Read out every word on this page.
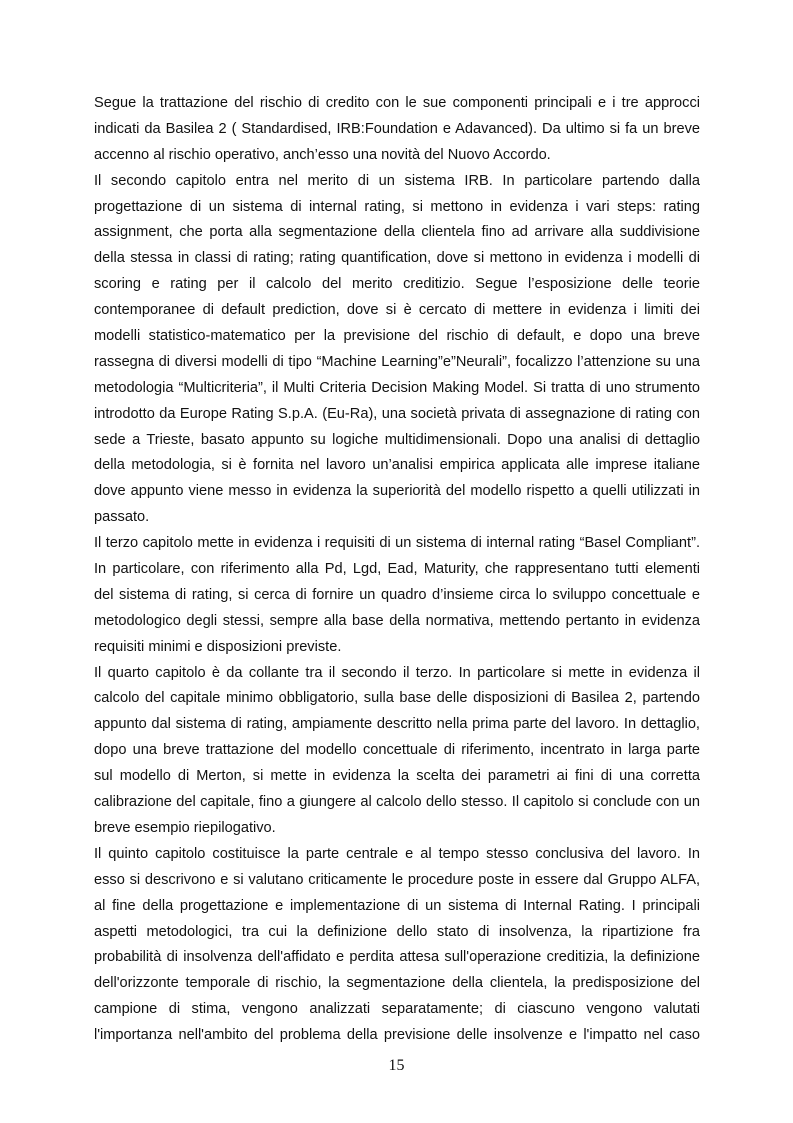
Segue la trattazione del rischio di credito con le sue componenti principali e i tre approcci
indicati da Basilea 2 ( Standardised, IRB:Foundation e Adavanced). Da ultimo si fa un breve
accenno al rischio operativo, anch’esso una novità del Nuovo Accordo.
Il secondo capitolo entra nel merito di un sistema IRB. In particolare partendo dalla
progettazione di un sistema di internal rating, si mettono in evidenza i vari steps: rating
assignment, che porta alla segmentazione della clientela fino ad arrivare alla suddivisione
della stessa in classi di rating; rating quantification, dove si mettono in evidenza i modelli di
scoring e rating per il calcolo del merito creditizio. Segue l’esposizione delle teorie
contemporanee di default prediction, dove si è cercato di mettere in evidenza i limiti dei
modelli statistico-matematico per la previsione del rischio di default, e dopo una breve
rassegna di diversi modelli di tipo “Machine Learning”e”Neurali”, focalizzo l’attenzione su una
metodologia “Multicriteria”, il Multi Criteria Decision Making Model. Si tratta di uno strumento
introdotto da Europe Rating S.p.A. (Eu-Ra), una società privata di assegnazione di rating con
sede a Trieste, basato appunto su logiche multidimensionali. Dopo una analisi di dettaglio
della metodologia, si è fornita nel lavoro un’analisi empirica applicata alle imprese italiane
dove appunto viene messo in evidenza la superiorità del modello rispetto a quelli utilizzati in
passato.
Il terzo capitolo mette in evidenza i requisiti di un sistema di internal rating “Basel Compliant”.
In particolare, con riferimento alla Pd, Lgd, Ead, Maturity, che rappresentano tutti elementi
del sistema di rating, si cerca di fornire un quadro d’insieme circa lo sviluppo concettuale e
metodologico degli stessi, sempre alla base della normativa, mettendo pertanto in evidenza
requisiti minimi e disposizioni previste.
Il quarto capitolo è da collante tra il secondo il terzo. In particolare si mette in evidenza il
calcolo del capitale minimo obbligatorio, sulla base delle disposizioni di Basilea 2, partendo
appunto dal sistema di rating, ampiamente descritto nella prima parte del lavoro. In dettaglio,
dopo una breve trattazione del modello concettuale di riferimento, incentrato in larga parte
sul modello di Merton, si mette in evidenza la scelta dei parametri ai fini di una corretta
calibrazione del capitale, fino a giungere al calcolo dello stesso. Il capitolo si conclude con un
breve esempio riepilogativo.
Il quinto capitolo costituisce la parte centrale e al tempo stesso conclusiva del lavoro. In
esso si descrivono e si valutano criticamente le procedure poste in essere dal Gruppo ALFA,
al fine della progettazione e implementazione di un sistema di Internal Rating. I principali
aspetti metodologici, tra cui la definizione dello stato di insolvenza, la ripartizione fra
probabilità di insolvenza dell'affidato e perdita attesa sull'operazione creditizia, la definizione
dell'orizzonte temporale di rischio, la segmentazione della clientela, la predisposizione del
campione di stima, vengono analizzati separatamente; di ciascuno vengono valutati
l'importanza nell'ambito del problema della previsione delle insolvenze e l'impatto nel caso
15
